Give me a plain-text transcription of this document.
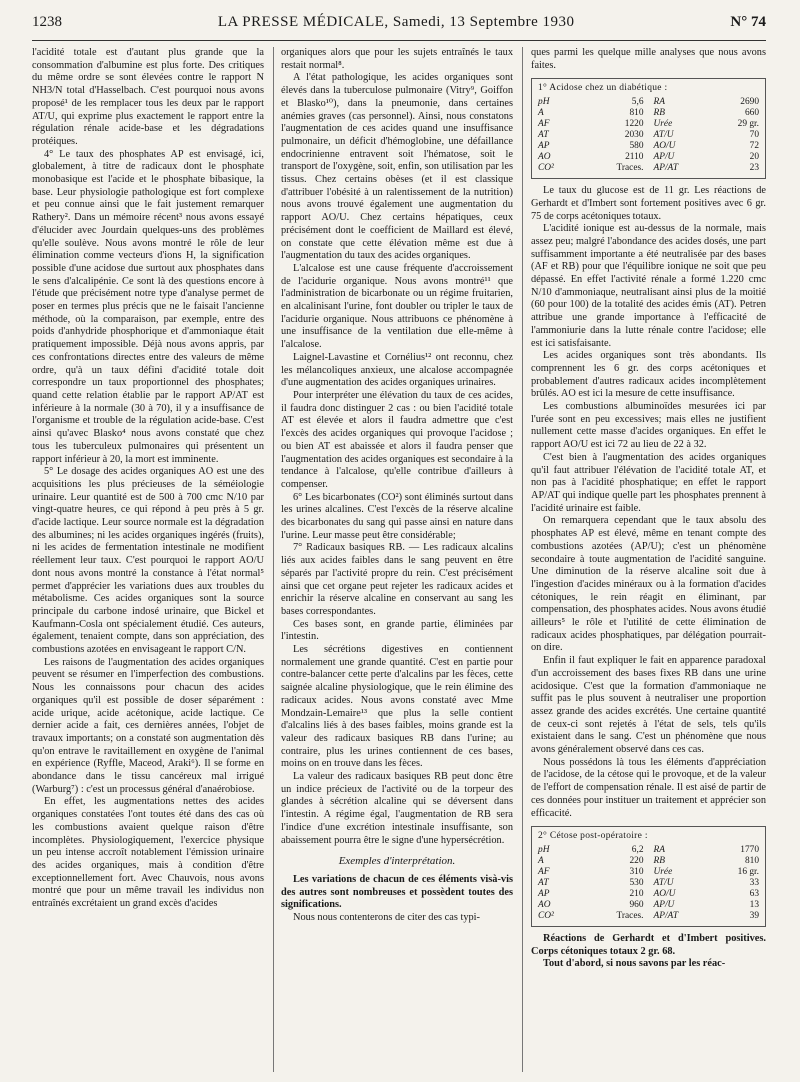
1238	LA PRESSE MÉDICALE, Samedi, 13 Septembre 1930	N° 74

l'acidité totale est d'autant plus grande que la consommation d'albumine est plus forte. Des critiques du même ordre se sont élevées contre le rapport N NH3/N total d'Hasselbach. C'est pourquoi nous avons proposé¹ de les remplacer tous les deux par le rapport AT/U, qui exprime plus exactement le rapport entre la régulation rénale acide-base et les dégradations protéiques.

4° Le taux des phosphates AP est envisagé, ici, globalement, à titre de radicaux dont le phosphate monobasique est l'acide et le phosphate bibasique, la base. Leur physiologie pathologique est fort complexe et peu connue ainsi que le fait justement remarquer Rathery². Dans un mémoire récent³ nous avons essayé d'élucider avec Jourdain quelques-uns des problèmes qu'elle soulève. Nous avons montré le rôle de leur élimination comme vecteurs d'ions H, la signification possible d'une acidose due surtout aux phosphates dans le sens d'alcalipénie. Ce sont là des questions encore à l'étude que précisément notre type d'analyse permet de poser en termes plus précis que ne le faisait l'ancienne méthode, où la comparaison, par exemple, entre des poids d'anhydride phosphorique et d'ammoniaque était pratiquement impossible. Déjà nous avons appris, par ces confrontations directes entre des valeurs de même ordre, qu'à un taux défini d'acidité totale doit correspondre un taux proportionnel des phosphates; quand cette relation établie par le rapport AP/AT est inférieure à la normale (30 à 70), il y a insuffisance de l'organisme et trouble de la régulation acide-base. C'est ainsi qu'avec Blasko⁴ nous avons constaté que chez tous les tuberculeux pulmonaires qui présentent un rapport inférieur à 20, la mort est imminente.

5° Le dosage des acides organiques AO est une des acquisitions les plus précieuses de la séméiologie urinaire. Leur quantité est de 500 à 700 cmc N/10 par vingt-quatre heures, ce qui répond à peu près à 5 gr. d'acide lactique. Leur source normale est la dégradation des albumines; ni les acides organiques ingérés (fruits), ni les acides de fermentation intestinale ne modifient réellement leur taux. C'est pourquoi le rapport AO/U dont nous avons montré la constance à l'état normal⁵ permet d'apprécier les variations dues aux troubles du métabolisme. Ces acides organiques sont la source principale du carbone indosé urinaire, que Bickel et Kaufmann-Cosla ont spécialement étudié. Ces auteurs, également, tenaient compte, dans son appréciation, des combustions azotées en envisageant le rapport C/N.

Les raisons de l'augmentation des acides organiques peuvent se résumer en l'imperfection des combustions. Nous les connaissons pour chacun des acides organiques qu'il est possible de doser séparément : acide urique, acide acétonique, acide lactique. Ce dernier acide a fait, ces dernières années, l'objet de travaux importants; on a constaté son augmentation dès qu'on entrave le ravitaillement en oxygène de l'animal en expérience (Ryffle, Maceod, Araki⁶). Il se forme en abondance dans le tissu cancéreux mal irrigué (Warburg⁷) : c'est un processus général d'anaérobiose.

En effet, les augmentations nettes des acides organiques constatées l'ont toutes été dans des cas où les combustions avaient quelque raison d'être incomplètes. Physiologiquement, l'exercice physique un peu intense accroît notablement l'émission urinaire des acides organiques, mais à condition d'être exceptionnellement fort. Avec Chauvois, nous avons montré que pour un même travail les individus non entraînés excrétaient un grand excès d'acides

organiques alors que pour les sujets entraînés le taux restait normal⁸.

A l'état pathologique, les acides organiques sont élevés dans la tuberculose pulmonaire (Vitry⁹, Goiffon et Blasko¹⁰), dans la pneumonie, dans certaines anémies graves (cas personnel). Ainsi, nous constatons l'augmentation de ces acides quand une insuffisance pulmonaire, un déficit d'hémoglobine, une défaillance endocrinienne entravent soit l'hématose, soit le transport de l'oxygène, soit, enfin, son utilisation par les tissus. Chez certains obèses (et il est classique d'attribuer l'obésité à un ralentissement de la nutrition) nous avons trouvé également une augmentation du rapport AO/U. Chez certains hépatiques, ceux précisément dont le coefficient de Maillard est élevé, on constate que cette élévation même est due à l'augmentation du taux des acides organiques.

L'alcalose est une cause fréquente d'accroissement de l'acidurie organique. Nous avons montré¹¹ que l'administration de bicarbonate ou un régime fruitarien, en alcalinisant l'urine, font doubler ou tripler le taux de l'acidurie organique. Nous attribuons ce phénomène à une insuffisance de la ventilation due elle-même à l'alcalose.

Laignel-Lavastine et Cornélius¹² ont reconnu, chez les mélancoliques anxieux, une alcalose accompagnée d'une augmentation des acides organiques urinaires.

Pour interpréter une élévation du taux de ces acides, il faudra donc distinguer 2 cas : ou bien l'acidité totale AT est élevée et alors il faudra admettre que c'est l'excès des acides organiques qui provoque l'acidose ; ou bien AT est abaissée et alors il faudra penser que l'augmentation des acides organiques est secondaire à la tendance à l'alcalose, qu'elle contribue d'ailleurs à compenser.

6° Les bicarbonates (CO²) sont éliminés surtout dans les urines alcalines. C'est l'excès de la réserve alcaline des bicarbonates du sang qui passe ainsi en nature dans l'urine. Leur masse peut être considérable;

7° Radicaux basiques RB. — Les radicaux alcalins liés aux acides faibles dans le sang peuvent en être séparés par l'activité propre du rein. C'est précisément ainsi que cet organe peut rejeter les radicaux acides et enrichir la réserve alcaline en conservant au sang les bases correspondantes.

Ces bases sont, en grande partie, éliminées par l'intestin.

Les sécrétions digestives en contiennent normalement une grande quantité. C'est en partie pour contre-balancer cette perte d'alcalins par les fèces, cette saignée alcaline physiologique, que le rein élimine des radicaux acides. Nous avons constaté avec Mme Mondzain-Lemaire¹³ que plus la selle contient d'alcalins liés à des bases faibles, moins grande est la valeur des radicaux basiques RB dans l'urine; au contraire, plus les urines contiennent de ces bases, moins on en trouve dans les fèces.

La valeur des radicaux basiques RB peut donc être un indice précieux de l'activité ou de la torpeur des glandes à sécrétion alcaline qui se déversent dans l'intestin. A régime égal, l'augmentation de RB sera l'indice d'une excrétion intestinale insuffisante, son abaissement pourra être le signe d'une hypersécrétion.

Exemples d'interprétation.

Les variations de chacun de ces éléments visà-vis des autres sont nombreuses et possèdent toutes des significations.

Nous nous contenterons de citer des cas typi-

ques parmi les quelque mille analyses que nous avons faites.

1° Acidose chez un diabétique :
pH	5,6 RA	2690
A	810 RB	660
AF	1220 Urée	29 gr.
AT	2030 AT/U	70
AP	580 AO/U	72
AO	2110 AP/U	20
CO²	Traces. AP/AT	23

Le taux du glucose est de 11 gr. Les réactions de Gerhardt et d'Imbert sont fortement positives avec 6 gr. 75 de corps acétoniques totaux.

L'acidité ionique est au-dessus de la normale, mais assez peu; malgré l'abondance des acides dosés, une part suffisamment importante a été neutralisée par des bases (AF et RB) pour que l'équilibre ionique ne soit que peu dépassé. En effet l'activité rénale a formé 1.220 cmc N/10 d'ammoniaque, neutralisant ainsi plus de la moitié (60 pour 100) de la totalité des acides émis (AT). Petren attribue une grande importance à l'efficacité de l'ammoniurie dans la lutte rénale contre l'acidose; elle est ici satisfaisante.

Les acides organiques sont très abondants. Ils comprennent les 6 gr. des corps acétoniques et probablement d'autres radicaux acides incomplètement brûlés. AO est ici la mesure de cette insuffisance.

Les combustions albuminoïdes mesurées ici par l'urée sont en peu excessives; mais elles ne justifient nullement cette masse d'acides organiques. En effet le rapport AO/U est ici 72 au lieu de 22 à 32.

C'est bien à l'augmentation des acides organiques qu'il faut attribuer l'élévation de l'acidité totale AT, et non pas à l'acidité phosphatique; en effet le rapport AP/AT qui indique quelle part les phosphates prennent à l'acidité urinaire est faible.

On remarquera cependant que le taux absolu des phosphates AP est élevé, même en tenant compte des combustions azotées (AP/U); c'est un phénomène secondaire à toute augmentation de l'acidité sanguine. Une diminution de la réserve alcaline soit due à l'ingestion d'acides minéraux ou à la formation d'acides cétoniques, le rein réagit en éliminant, par compensation, des phosphates acides. Nous avons étudié ailleurs⁵ le rôle et l'utilité de cette élimination de radicaux acides phosphatiques, par délégation pourrait-on dire.

Enfin il faut expliquer le fait en apparence paradoxal d'un accroissement des bases fixes RB dans une urine acidosique. C'est que la formation d'ammoniaque ne suffit pas le plus souvent à neutraliser une proportion assez grande des acides excrétés. Une certaine quantité de ceux-ci sont rejetés à l'état de sels, tels qu'ils existaient dans le sang. C'est un phénomène que nous avons généralement observé dans ces cas.

Nous possédons là tous les éléments d'appréciation de l'acidose, de la cétose qui le provoque, et de la valeur de l'effort de compensation rénale. Il est aisé de partir de ces données pour instituer un traitement et apprécier son efficacité.

2° Cétose post-opératoire :
pH	6,2 RA	1770
A	220 RB	810
AF	310 Urée	16 gr.
AT	530 AT/U	33
AP	210 AO/U	63
AO	960 AP/U	13
CO²	Traces. AP/AT	39

Réactions de Gerhardt et d'Imbert positives. Corps cétoniques totaux 2 gr. 68.

Tout d'abord, si nous savons par les réac-
